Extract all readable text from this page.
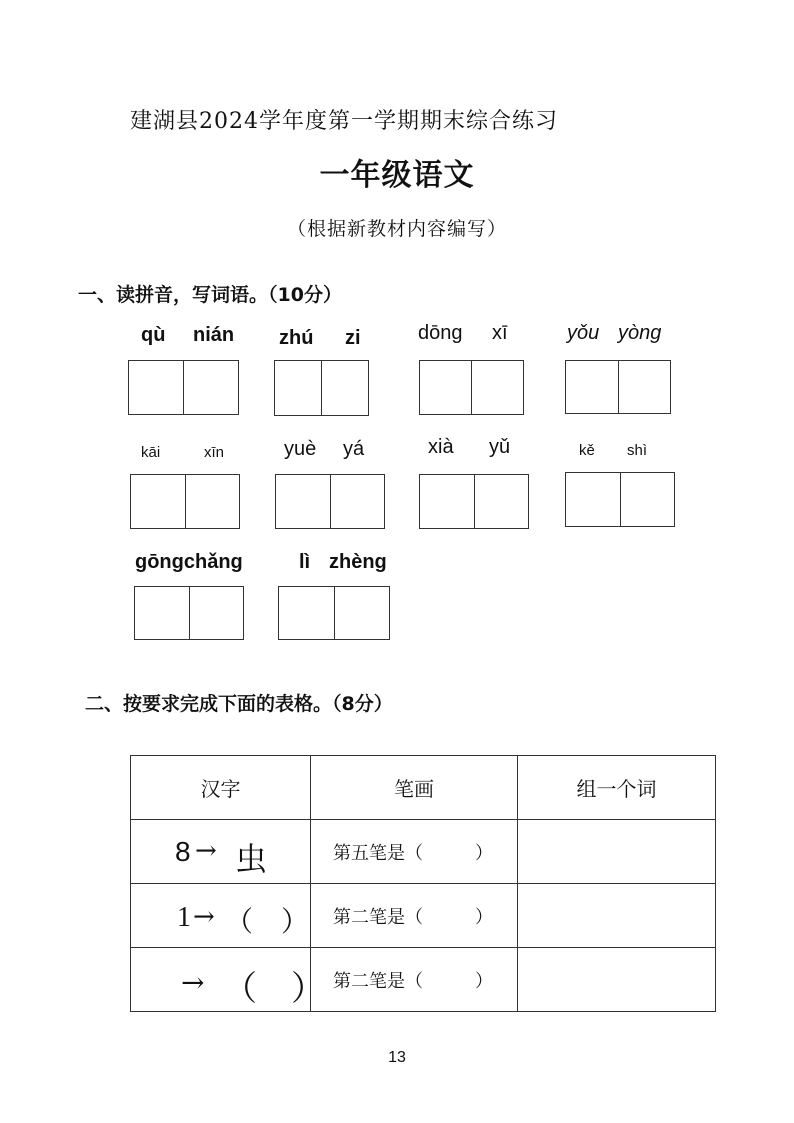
建湖县2024学年度第一学期期末综合练习
一年级语文
（根据新教材内容编写）
一、读拼音，写词语。（10分）
qù nián zhú zi	dōng xī	yǒu yòng
kāi	xīn	yuè yá	xià yǔ	kě shì
gōngchǎng	lì zhèng
二、按要求完成下面的表格。（8分）
汉字	笔画	组一个词

8 → 虫	第五笔是（ ）	

1 → （　）	第二笔是（ ）	

→ （　）	第二笔是（ ）	
13
